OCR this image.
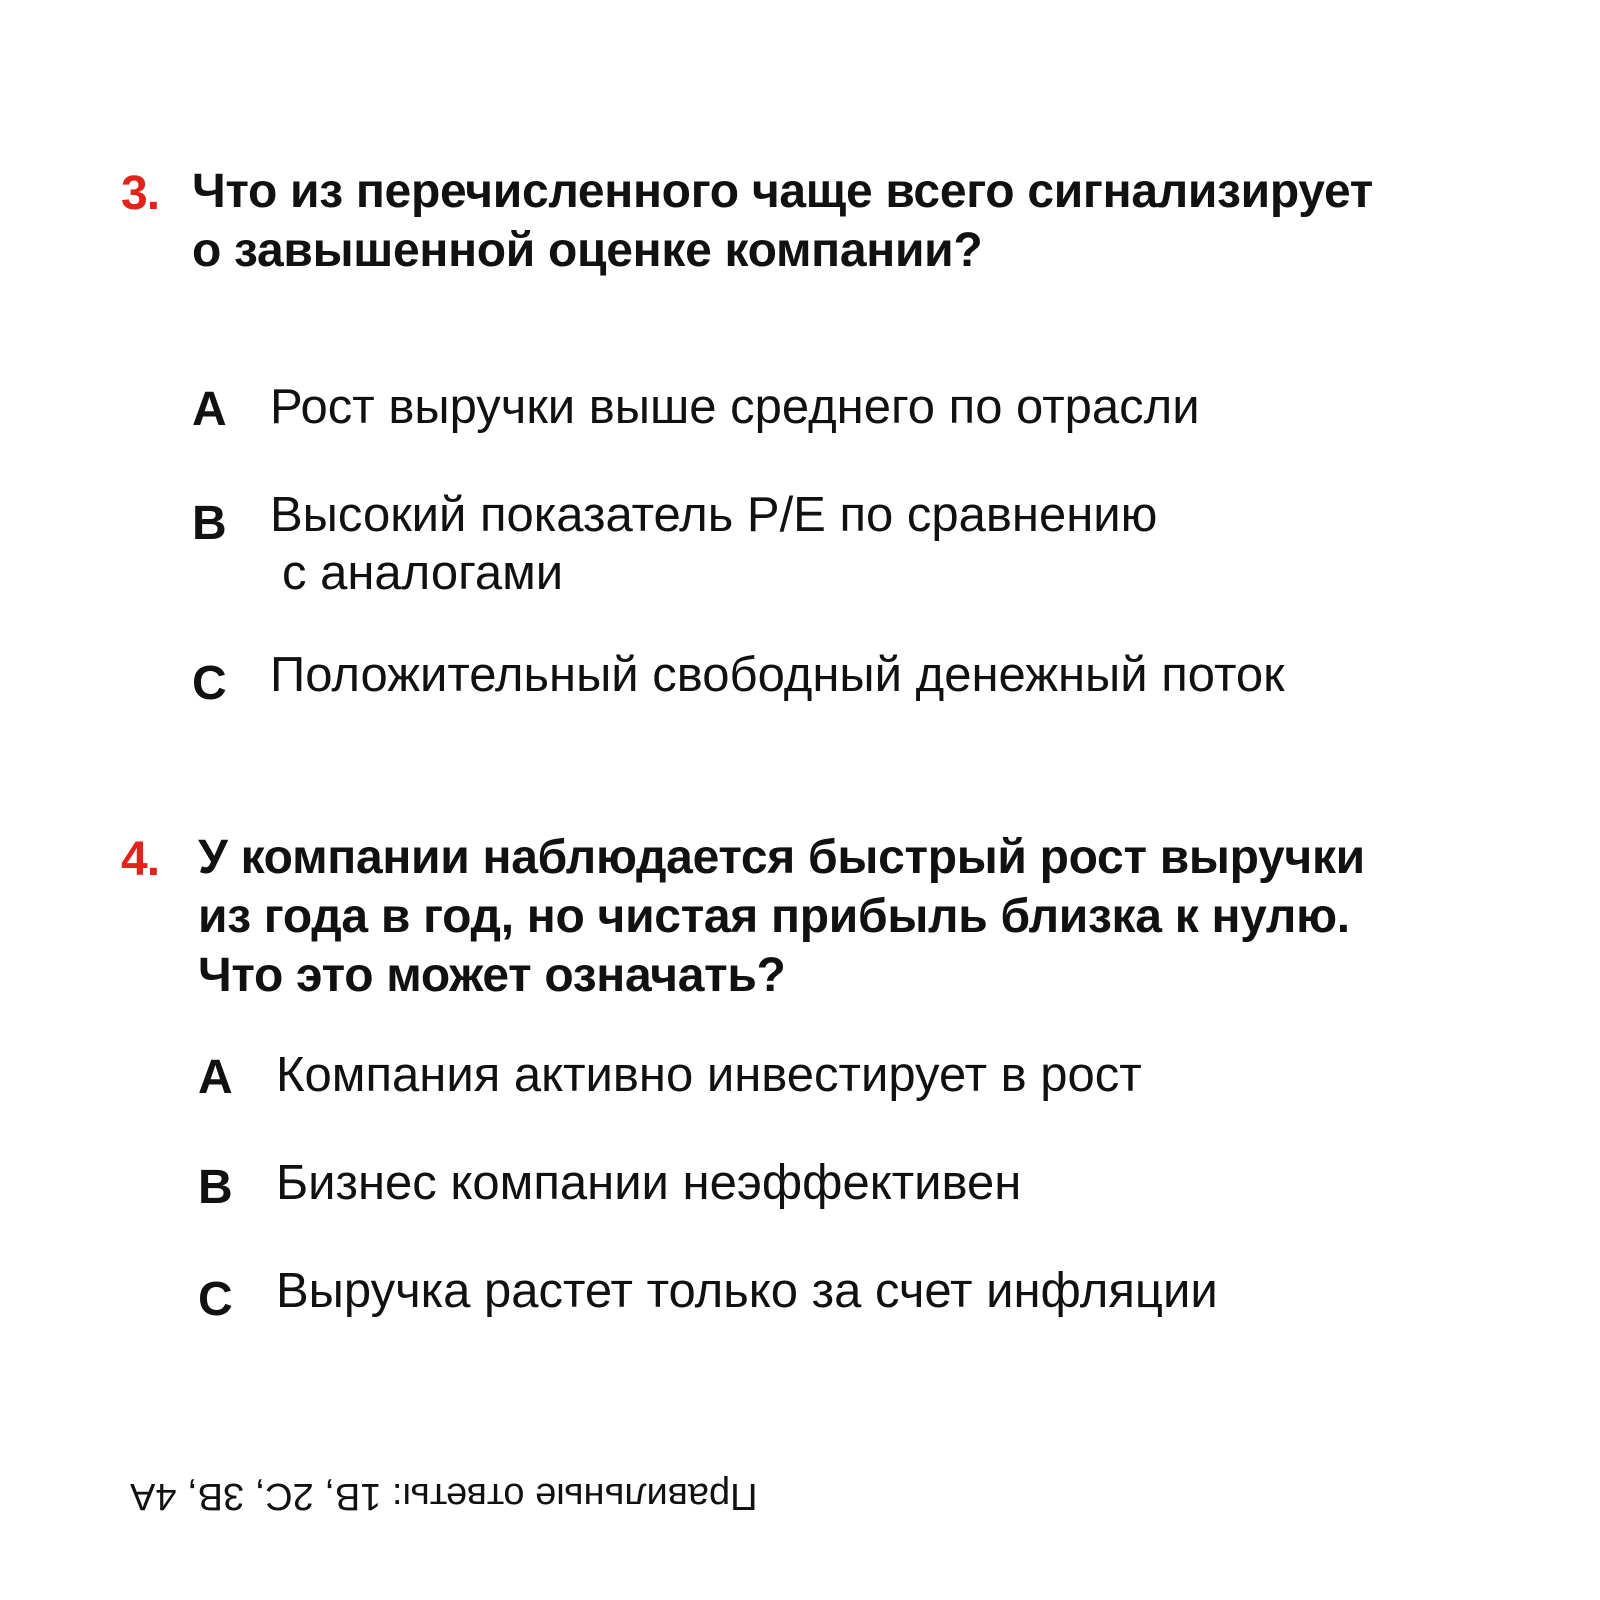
3. Что из перечисленного чаще всего сигнализирует о завышенной оценке компании?
A Рост выручки выше среднего по отрасли
B Высокий показатель P/E по сравнению
с аналогами
C Положительный свободный денежный поток
4. У компании наблюдается быстрый рост выручки из года в год, но чистая прибыль близка к нулю. Что это может означать?
A Компания активно инвестирует в рост
B Бизнес компании неэффективен
C Выручка растет только за счет инфляции
Правильные ответы: 1B, 2C, 3B, 4A
